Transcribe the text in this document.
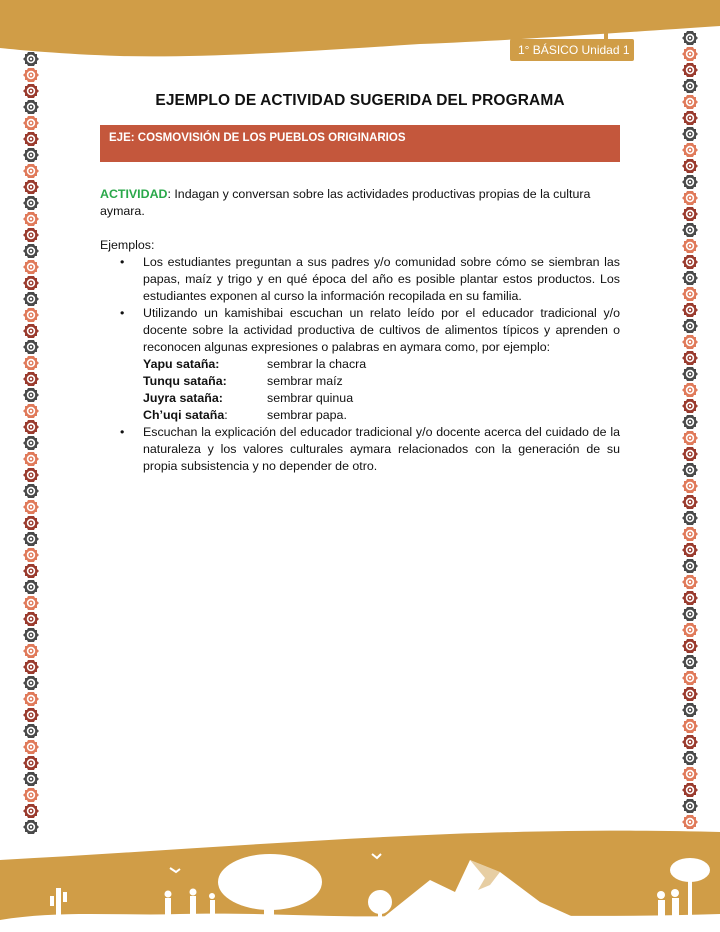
1° BÁSICO Unidad 1
EJEMPLO DE ACTIVIDAD SUGERIDA DEL PROGRAMA
EJE: COSMOVISIÓN DE LOS PUEBLOS ORIGINARIOS
ACTIVIDAD: Indagan y conversan sobre las actividades productivas propias de la cultura aymara.
Ejemplos:
• Los estudiantes preguntan a sus padres y/o comunidad sobre cómo se siembran las papas, maíz y trigo y en qué época del año es posible plantar estos productos. Los estudiantes exponen al curso la información recopilada en su familia.
• Utilizando un kamishibai escuchan un relato leído por el educador tradicional y/o docente sobre la actividad productiva de cultivos de alimentos típicos y aprenden o reconocen algunas expresiones o palabras en aymara como, por ejemplo:
Yapu sataña:	sembrar la chacra
Tunqu sataña:	sembrar maíz
Juyra sataña:	sembrar quinua
Ch’uqi sataña:	sembrar papa.
• Escuchan la explicación del educador tradicional y/o docente acerca del cuidado de la naturaleza y los valores culturales aymara relacionados con la generación de su propia subsistencia y no depender de otro.
